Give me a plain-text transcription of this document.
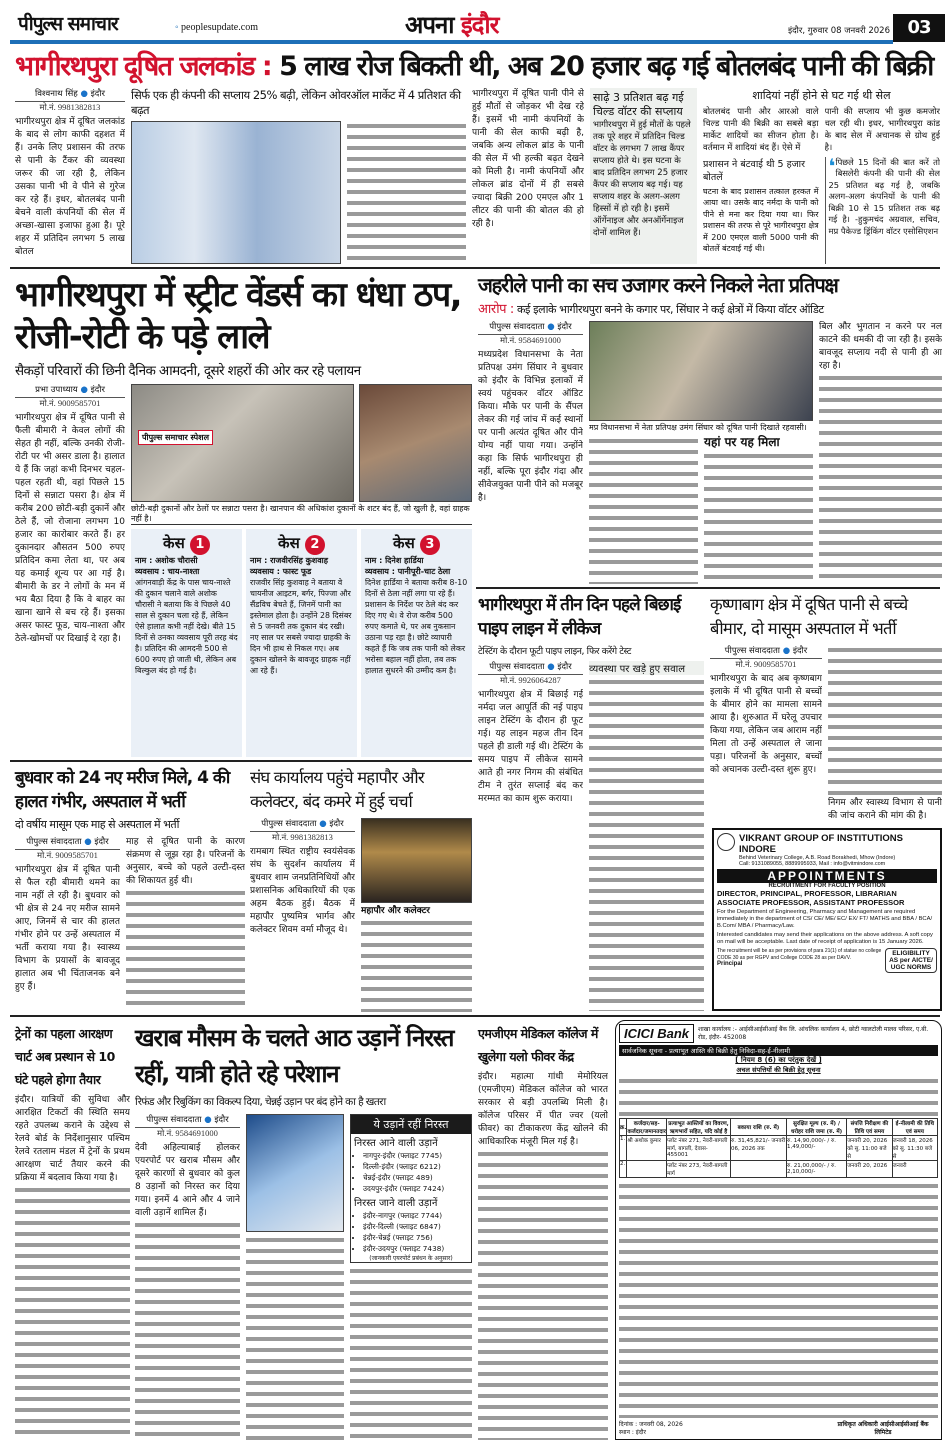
पीपुल्स समाचार	◦ peoplesupdate.com	अपना इंदौर	इंदौर, गुरुवार 08 जनवरी 2026 03
भागीरथपुरा दूषित जलकांड : 5 लाख रोज बिकती थी, अब 20 हजार बढ़ गई बोतलबंद पानी की बिक्री
विश्वनाथ सिंह ● इंदौर
मो.नं. 9981382813
भागीरथपुरा क्षेत्र में दूषित जलकांड के बाद से लोग काफी दहशत में हैं। उनके लिए प्रशासन की तरफ से पानी के टैंकर की व्यवस्था जरूर की जा रही है, लेकिन उसका पानी भी वे पीने से गुरेज कर रहे हैं। इधर, बोतलबंद पानी बेचने वाली कंपनियों की सेल में अच्छा-खासा इजाफा हुआ है। पूरे शहर में प्रतिदिन लगभग 5 लाख बोतल
सिर्फ एक ही कंपनी की सप्लाय 25% बढ़ी, लेकिन ओवरऑल मार्केट में 4 प्रतिशत की बढ़त
भागीरथपुरा में दूषित पानी पीने से हुई मौतों से जोड़कर भी देख रहे हैं। इसमें भी नामी कंपनियों के पानी की सेल काफी बढ़ी है, जबकि अन्य लोकल ब्रांड के पानी की सेल में भी हल्की बढ़त देखने को मिली है। नामी कंपनियों और लोकल ब्रांड दोनों में ही सबसे ज्यादा बिक्री 200 एमएल और 1 लीटर की पानी की बोतल की हो रही है।
साढ़े 3 प्रतिशत बढ़ गई चिल्ड वॉटर की सप्लाय
भागीरथपुरा में हुई मौतों के पहले तक पूरे शहर में प्रतिदिन चिल्ड वॉटर के लगभग 7 लाख कैंपर सप्लाय होते थे। इस घटना के बाद प्रतिदिन लगभग 25 हजार कैंपर की सप्लाय बढ़ गई। यह सप्लाय शहर के अलग-अलग हिस्सों में हो रही है। इसमें ऑर्गेनाइज और अनऑर्गेनाइज दोनों शामिल हैं।
शादियां नहीं होने से घट गई थी सेल
बोतलबंद पानी और आरओ वाले चिल्ड पानी की बिक्री का सबसे बड़ा मार्केट शादियों का सीजन होता है। वर्तमान में शादियां बंद हैं। ऐसे में
प्रशासन ने बंटवाई थी 5 हजार बोतलें
घटना के बाद प्रशासन तत्काल हरकत में आया था। उसके बाद नर्मदा के पानी को पीने से मना कर दिया गया था। फिर प्रशासन की तरफ से पूरे भागीरथपुरा क्षेत्र में 200 एमएल वाली 5000 पानी की बोतलें बंटवाई गई थी।
पानी की सप्लाय भी कुछ कमजोर चल रही थी। इधर, भागीरथपुरा कांड के बाद सेल में अचानक से ग्रोथ हुई है।
❛ पिछले 15 दिनों की बात करें तो बिसलेरी कंपनी की पानी की सेल 25 प्रतिशत बढ़ गई है, जबकि अलग-अलग कंपनियों के पानी की बिक्री 10 से 15 प्रतिशत तक बढ़ गई है। -हुकुमचंद अग्रवाल, सचिव, मप्र पैकेज्ड ड्रिंकिंग वॉटर एसोसिएशन
भागीरथपुरा में स्ट्रीट वेंडर्स का धंधा ठप, रोजी-रोटी के पड़े लाले
सैकड़ों परिवारों की छिनी दैनिक आमदनी, दूसरे शहरों की ओर कर रहे पलायन
प्रभा उपाध्याय ● इंदौर
मो.नं. 9009585701
भागीरथपुरा क्षेत्र में दूषित पानी से फैली बीमारी ने केवल लोगों की सेहत ही नहीं, बल्कि उनकी रोजी-रोटी पर भी असर डाला है। हालात ये हैं कि जहां कभी दिनभर चहल-पहल रहती थी, वहां पिछले 15 दिनों से सन्नाटा पसरा है। क्षेत्र में करीब 200 छोटी-बड़ी दुकानें और ठेले हैं, जो रोजाना लगभग 10 हजार का कारोबार करते हैं। हर दुकानदार औसतन 500 रुपए प्रतिदिन कमा लेता था, पर अब यह कमाई शून्य पर आ गई है। बीमारी के डर ने लोगों के मन में भय बैठा दिया है कि वे बाहर का खाना खाने से बच रहे हैं। इसका असर फास्ट फूड, चाय-नाश्ता और ठेले-खोमचों पर दिखाई दे रहा है।
पीपुल्स समाचार स्पेशल
छोटी-बड़ी दुकानों और ठेलों पर सन्नाटा पसरा है। खानपान की अधिकांश दुकानों के शटर बंद हैं, जो खुली है, वहां ग्राहक नहीं है।
केस 1
नाम : अशोक चौरासी
व्यवसाय : चाय-नाश्ता
आंगनवाड़ी केंद्र के पास चाय-नाश्ते की दुकान चलाने वाले अशोक चौरासी ने बताया कि वे पिछले 40 साल से दुकान चला रहे हैं, लेकिन ऐसे हालात कभी नहीं देखे। बीते 15 दिनों से उनका व्यवसाय पूरी तरह बंद है। प्रतिदिन की आमदनी 500 से 600 रुपए हो जाती थी, लेकिन अब बिल्कुल बंद हो गई है।
केस 2
नाम : राजवीरसिंह कुशवाह
व्यवसाय : फास्ट फूड
राजवीर सिंह कुशवाह ने बताया वे चायनीज आइटम, बर्गर, पिज्जा और सैंडविच बेचते हैं, जिनमें पानी का इस्तेमाल होता है। उन्होंने 28 दिसंबर से 5 जनवरी तक दुकान बंद रखी। नए साल पर सबसे ज्यादा ग्राहकी के दिन भी हाथ से निकल गए। अब दुकान खोलने के बावजूद ग्राहक नहीं आ रहे हैं।
केस 3
नाम : दिनेश हार्डिया
व्यवसाय : पानीपूरी-चाट ठेला
दिनेश हार्डिया ने बताया करीब 8-10 दिनों से ठेला नहीं लगा पा रहे हैं। प्रशासन के निर्देश पर ठेले बंद कर दिए गए थे। वे रोज करीब 500 रुपए कमाते थे, पर अब नुकसान उठाना पड़ रहा है। छोटे व्यापारी कहते हैं कि जब तक पानी को लेकर भरोसा बहाल नहीं होता, तब तक हालात सुधरने की उम्मीद कम है।
जहरीले पानी का सच उजागर करने निकले नेता प्रतिपक्ष
आरोप : कई इलाके भागीरथपुरा बनने के कगार पर, सिंघार ने कई क्षेत्रों में किया वॉटर ऑडिट
पीपुल्स संवाददाता ● इंदौर
मो.नं. 9584691000
मध्यप्रदेश विधानसभा के नेता प्रतिपक्ष उमंग सिंघार ने बुधवार को इंदौर के विभिन्न इलाकों में स्वयं पहुंचकर वॉटर ऑडिट किया। मौके पर पानी के सैंपल लेकर की गई जांच में कई स्थानों पर पानी अत्यंत दूषित और पीने योग्य नहीं पाया गया। उन्होंने कहा कि सिर्फ भागीरथपुरा ही नहीं, बल्कि पूरा इंदौर गंदा और सीवेजयुक्त पानी पीने को मजबूर है।
मप्र विधानसभा में नेता प्रतिपक्ष उमंग सिंघार को दूषित पानी दिखाते रहवासी।
यहां पर यह मिला
बिल और भुगतान न करने पर नल काटने की धमकी दी जा रही है। इसके बावजूद सप्लाय नदी से पानी ही आ रहा है।
भागीरथपुरा में तीन दिन पहले बिछाई पाइप लाइन में लीकेज
टेस्टिंग के दौरान फूटी पाइप लाइन, फिर करेंगे टेस्ट
पीपुल्स संवाददाता ● इंदौर
मो.नं. 9926064287
भागीरथपुरा क्षेत्र में बिछाई गई नर्मदा जल आपूर्ति की नई पाइप लाइन टेस्टिंग के दौरान ही फूट गई। यह लाइन महज तीन दिन पहले ही डाली गई थी। टेस्टिंग के समय पाइप में लीकेज सामने आते ही नगर निगम की संबंधित टीम ने तुरंत सप्लाई बंद कर मरम्मत का काम शुरू कराया।
व्यवस्था पर खड़े हुए सवाल
कृष्णाबाग क्षेत्र में दूषित पानी से बच्चे बीमार, दो मासूम अस्पताल में भर्ती
पीपुल्स संवाददाता ● इंदौर
मो.नं. 9009585701
भागीरथपुरा के बाद अब कृष्णबाग इलाके में भी दूषित पानी से बच्चों के बीमार होने का मामला सामने आया है। शुरुआत में घरेलू उपचार किया गया, लेकिन जब आराम नहीं मिला तो उन्हें अस्पताल ले जाना पड़ा। परिजनों के अनुसार, बच्चों को अचानक उल्टी-दस्त शुरू हुए।
निगम और स्वास्थ्य विभाग से पानी की जांच कराने की मांग की है।
VIKRANT GROUP OF INSTITUTIONS INDORE
Behind Veterinary College, A.B. Road Borakhedi, Mhow (Indore)
Call: 9131089055, 8889995933, Mail : info@vitmindore.com
APPOINTMENTS
RECRUITMENT FOR FACULTY POSITION
DIRECTOR, PRINCIPAL, PROFESSOR, LIBRARIAN ASSOCIATE PROFESSOR, ASSISTANT PROFESSOR
For the Department of Engineering, Pharmacy and Management are required immediately in the department of CS/ CE/ ME/ EC/ EX/ FT/ MATHS and BBA / BCA/ B.Com/ MBA / Pharmacy/Law.
Interested candidates may send their applications on the above address. A soft copy on mail will be acceptable. Last date of receipt of application is 15 January 2026.
The recruitment will be as per provisions of para 21(1) of statue no college CODE 30 as per RGPV and College CODE 28 as per DAVV.
Principal
ELIGIBILITY AS per AICTE/ UGC NORMS
बुधवार को 24 नए मरीज मिले, 4 की हालत गंभीर, अस्पताल में भर्ती
दो वर्षीय मासूम एक माह से अस्पताल में भर्ती
पीपुल्स संवाददाता ● इंदौर
मो.नं. 9009585701
भागीरथपुरा क्षेत्र में दूषित पानी से फैल रही बीमारी थमने का नाम नहीं ले रही है। बुधवार को भी क्षेत्र से 24 नए मरीज सामने आए, जिनमें से चार की हालत गंभीर होने पर उन्हें अस्पताल में भर्ती कराया गया है। स्वास्थ्य विभाग के प्रयासों के बावजूद हालात अब भी चिंताजनक बने हुए हैं।
माह से दूषित पानी के कारण संक्रमण से जूझ रहा है। परिजनों के अनुसार, बच्चे को पहले उल्टी-दस्त की शिकायत हुई थी।
संघ कार्यालय पहुंचे महापौर और कलेक्टर, बंद कमरे में हुई चर्चा
पीपुल्स संवाददाता ● इंदौर
मो.नं. 9981382813
रामबाग स्थित राष्ट्रीय स्वयंसेवक संघ के सुदर्शन कार्यालय में बुधवार शाम जनप्रतिनिधियों और प्रशासनिक अधिकारियों की एक अहम बैठक हुई। बैठक में महापौर पुष्यमित्र भार्गव और कलेक्टर शिवम वर्मा मौजूद थे।
महापौर और कलेक्टर
ट्रेनों का पहला आरक्षण चार्ट अब प्रस्थान से 10 घंटे पहले होगा तैयार
इंदौर। यात्रियों की सुविधा और आरक्षित टिकटों की स्थिति समय रहते उपलब्ध कराने के उद्देश्य से रेलवे बोर्ड के निर्देशानुसार पश्चिम रेलवे रतलाम मंडल में ट्रेनों के प्रथम आरक्षण चार्ट तैयार करने की प्रक्रिया में बदलाव किया गया है।
खराब मौसम के चलते आठ उड़ानें निरस्त रहीं, यात्री होते रहे परेशान
रिफंड और रिबुकिंग का विकल्प दिया, चेन्नई उड़ान पर बंद होने का है खतरा
पीपुल्स संवाददाता ● इंदौर
मो.नं. 9584691000
देवी अहिल्याबाई होलकर एयरपोर्ट पर खराब मौसम और दूसरे कारणों से बुधवार को कुल 8 उड़ानों को निरस्त कर दिया गया। इनमें 4 आने और 4 जाने वाली उड़ानें शामिल हैं।
ये उड़ानें रहीं निरस्त
निरस्त आने वाली उड़ानें
• नागपुर-इंदौर (फ्लाइट 7745)
• दिल्ली-इंदौर (फ्लाइट 6212)
• चेन्नई-इंदौर (फ्लाइट 489)
• उदयपुर-इंदौर (फ्लाइट 7424)
निरस्त जाने वाली उड़ानें
• इंदौर-नागपुर (फ्लाइट 7744)
• इंदौर-दिल्ली (फ्लाइट 6847)
• इंदौर-चेन्नई (फ्लाइट 756)
• इंदौर-उदयपुर (फ्लाइट 7438)
(जानकारी एयरपोर्ट प्रबंधन के अनुसार)
एमजीएम मेडिकल कॉलेज में खुलेगा यलो फीवर केंद्र
इंदौर। महात्मा गांधी मेमोरियल (एमजीएम) मेडिकल कॉलेज को भारत सरकार से बड़ी उपलब्धि मिली है। कॉलेज परिसर में पीत ज्वर (यलो फीवर) का टीकाकरण केंद्र खोलने की आधिकारिक मंजूरी मिल गई है।
ICICI Bank	शाखा कार्यालय :- आईसीआईसीआई बैंक लि. आंचलिक कार्यालय 4, छोटी ग्वालटोली मालव परिसर, ए.बी. रोड, इंदौर- 452008
सार्वजनिक सूचना - प्रत्याभूत आस्ति की बिक्री हेतु निविदा-सह-ई-नीलामी
[ नियम 8 (6) का परंतुक देखें ]
अचल संपत्तियों की बिक्री हेतु सूचना
क्र.	कर्जदार/सह-कर्जदार/जमानतदार	प्रत्याभूत आस्तियों का विवरण, ऋणभारों सहित, यदि कोई है	बकाया राशि (रु. में)	सुरक्षित मूल्य (रु. में) / धरोहर राशि जमा (रु. में)	संपत्ति निरीक्षण की तिथि एवं समय	ई-नीलामी की तिथि एवं समय
1.	श्री अशोक कुमार	प्लॉट नंबर 271, नेवरी-बागली मार्ग, बागली, देवास- 455001	रु. 31,45,821/- जनवरी 06, 2026 तक	रु. 14,90,000/- / रु. 1,49,000/-	जनवरी 20, 2026 को सु. 11:00 बजे से	जनवरी 18, 2026 को सु. 11:30 बजे से
2.		प्लॉट नंबर 273, नेवरी-बागली मार्ग		रु. 21,00,000/- / रु. 2,10,000/-	जनवरी 20, 2026	जनवरी
दिनांक : जनवरी 08, 2026
स्थान : इंदौर
प्राधिकृत अधिकारी आईसीआईसीआई बैंक लिमिटेड
